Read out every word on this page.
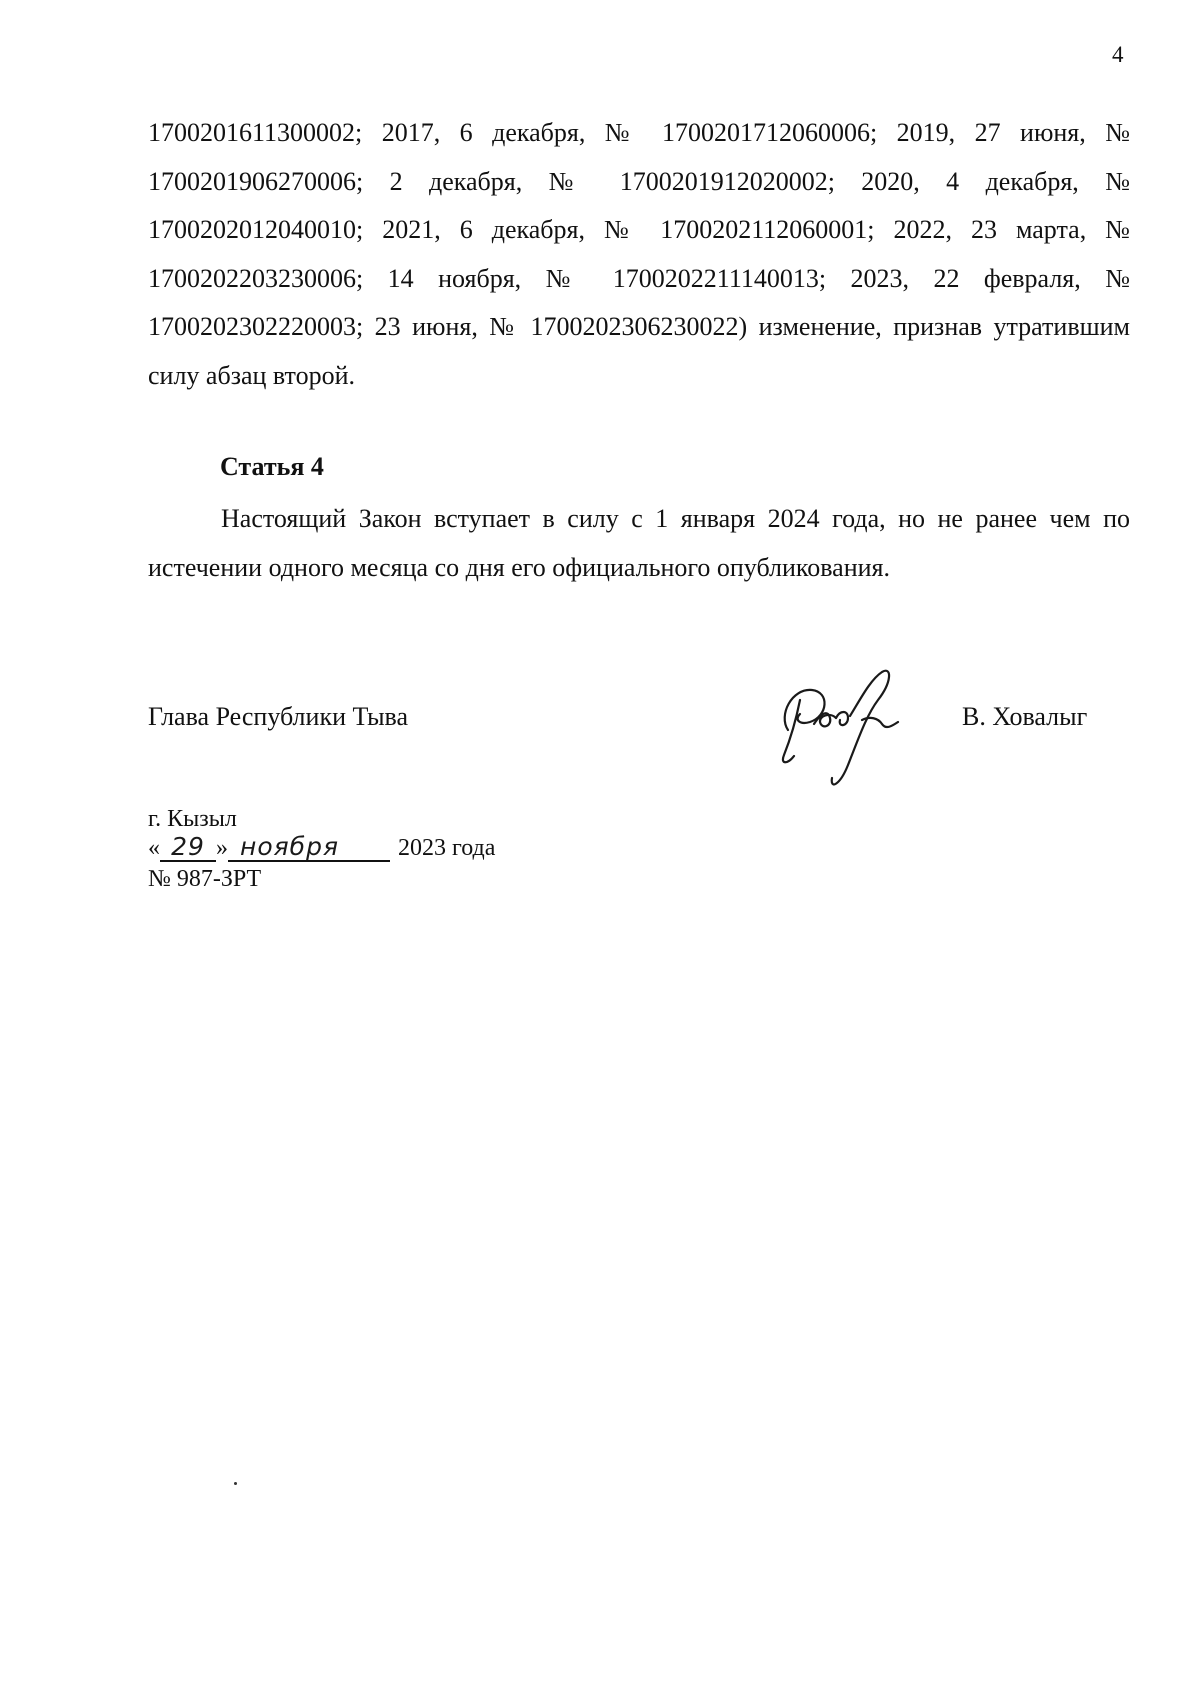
4

1700201611300002; 2017, 6 декабря, № 1700201712060006; 2019, 27 июня, № 1700201906270006; 2 декабря, № 1700201912020002; 2020, 4 декабря, № 1700202012040010; 2021, 6 декабря, № 1700202112060001; 2022, 23 марта, № 1700202203230006; 14 ноября, № 1700202211140013; 2023, 22 февраля, № 1700202302220003; 23 июня, № 1700202306230022) изменение, признав утратившим силу абзац второй.

Статья 4

Настоящий Закон вступает в силу с 1 января 2024 года, но не ранее чем по истечении одного месяца со дня его официального опубликования.

Глава Республики Тыва	В. Ховалыг
г. Кызыл
« 29 » ноября 2023 года
№ 987-ЗРТ
